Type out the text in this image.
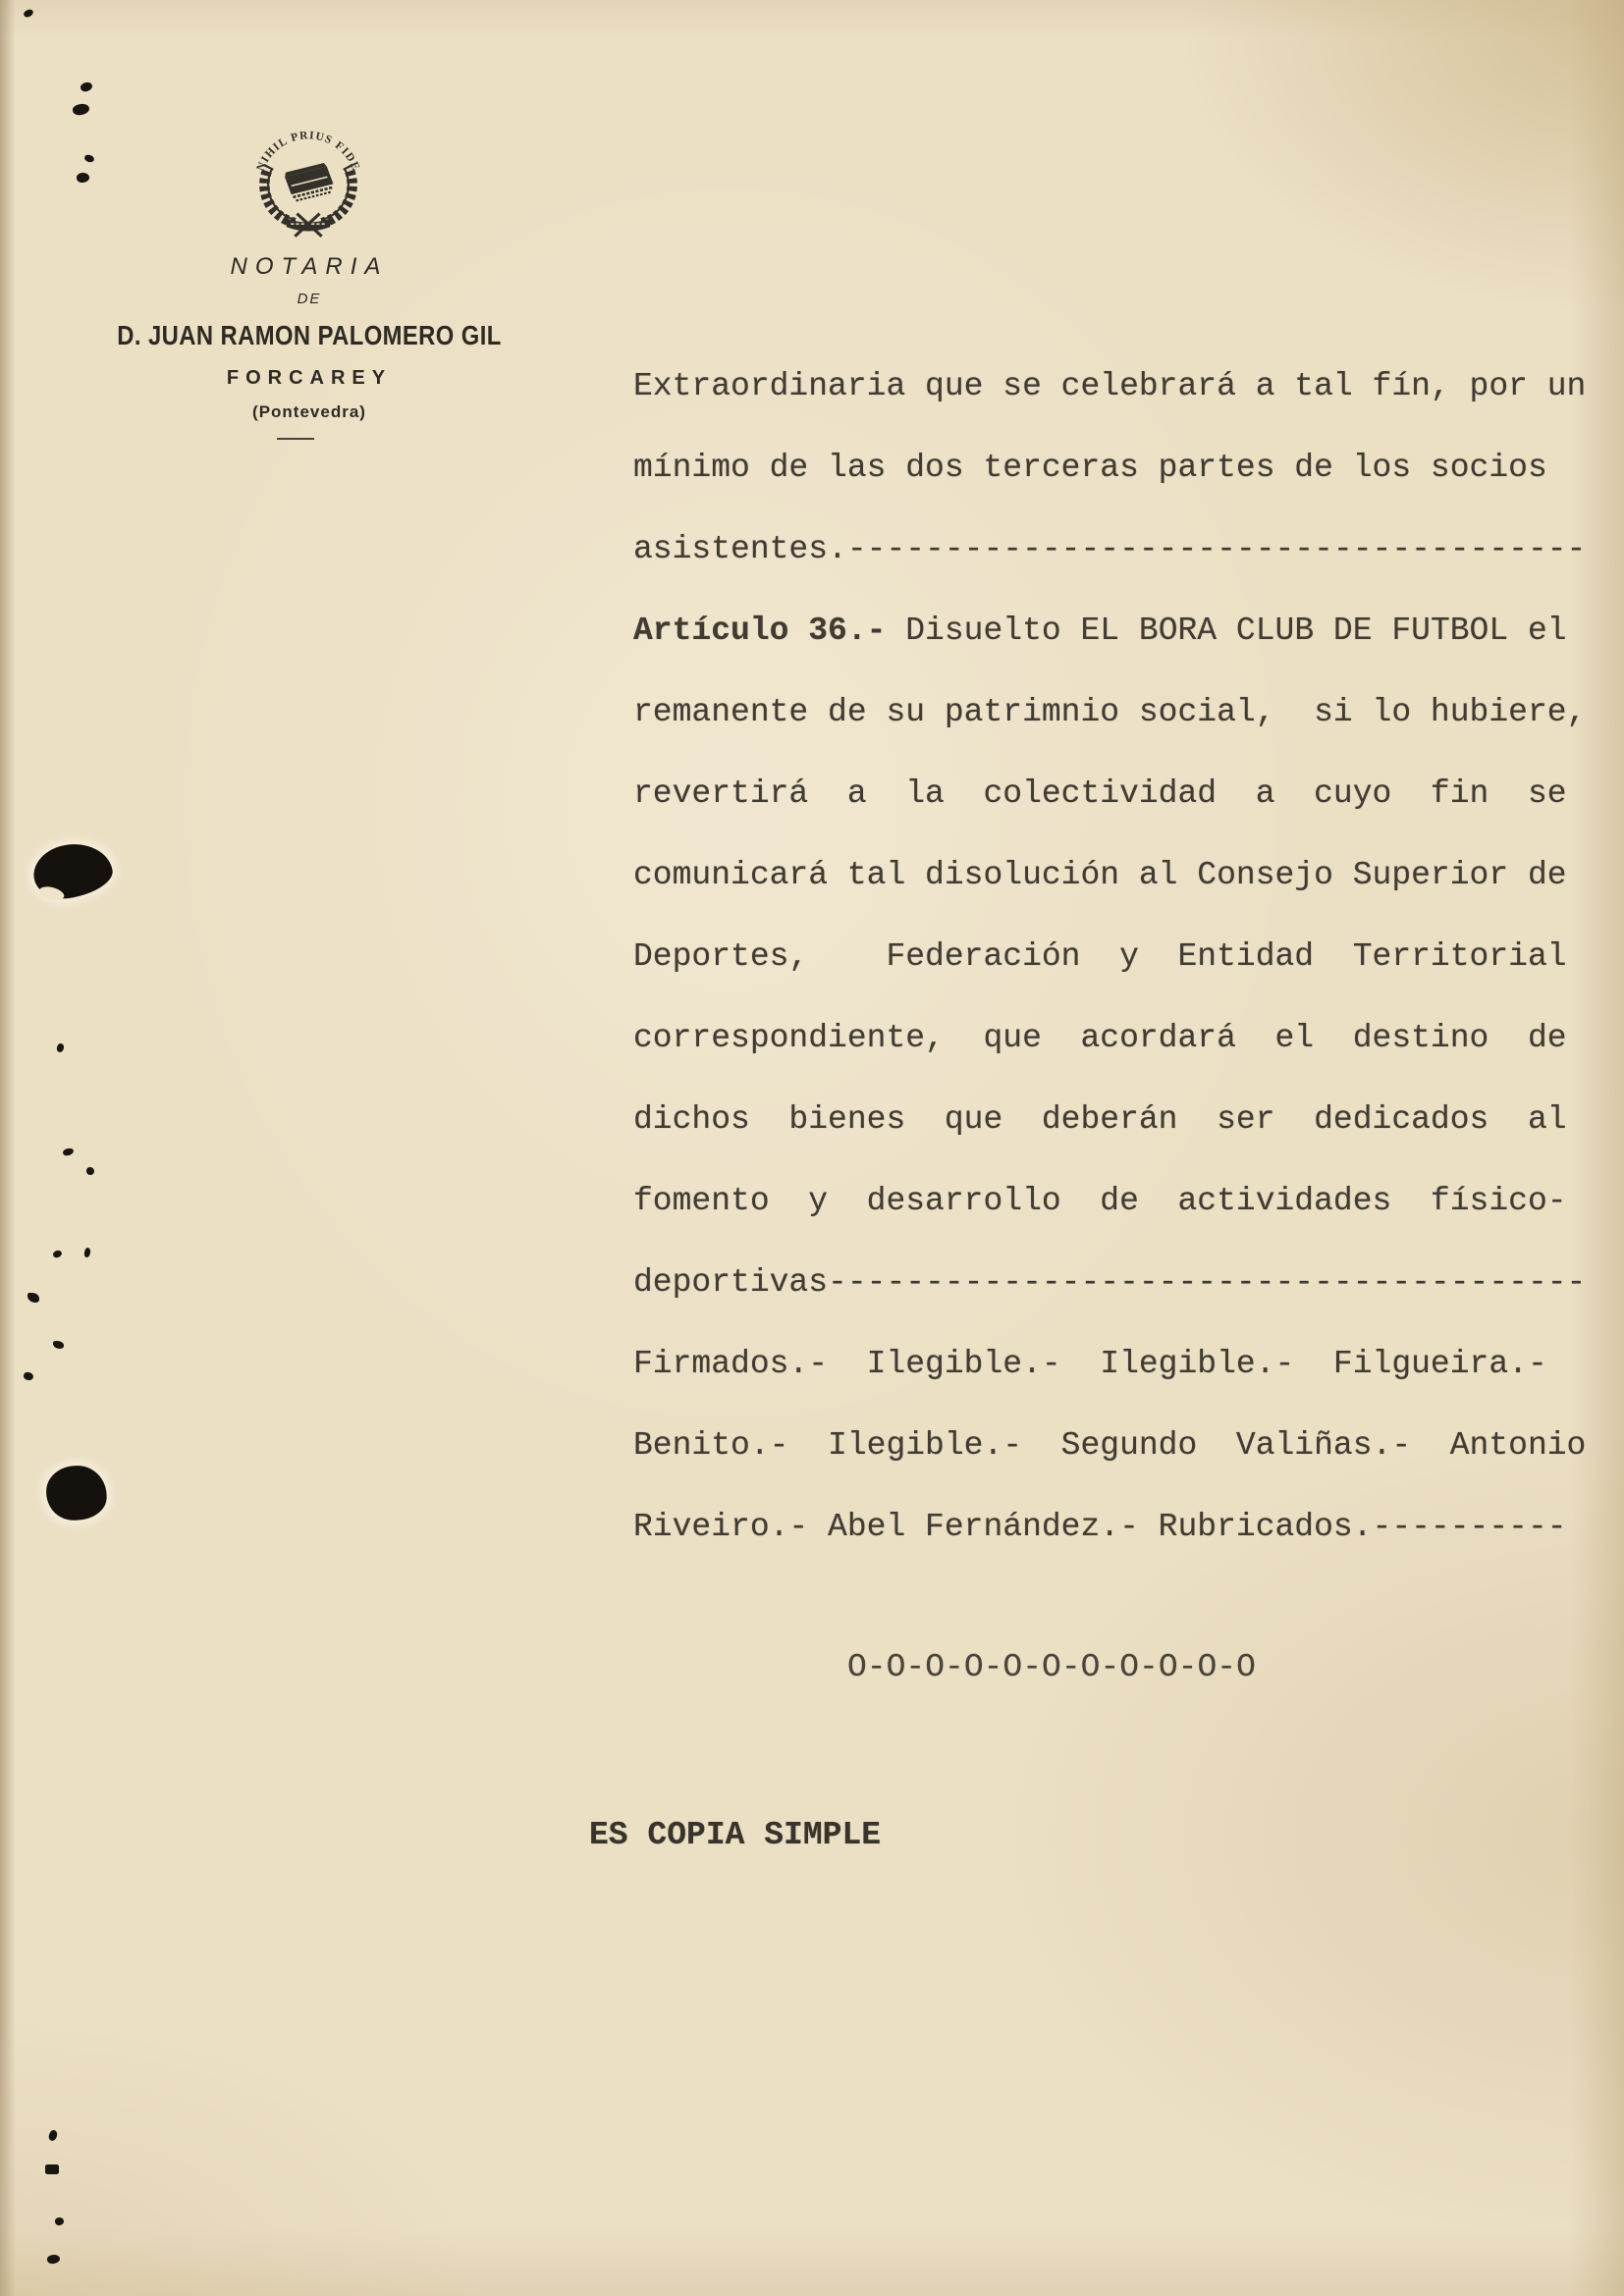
NIHIL PRIUS FIDE
NOTARIA
DE
D. JUAN RAMON PALOMERO GIL
FORCAREY
(Pontevedra)
Extraordinaria que se celebrará a tal fín, por un
mínimo de las dos terceras partes de los socios
asistentes.--------------------------------------
Artículo 36.- Disuelto EL BORA CLUB DE FUTBOL el
remanente de su patrimnio social,  si lo hubiere,
revertirá  a  la  colectividad  a  cuyo  fin  se
comunicará tal disolución al Consejo Superior de
Deportes,    Federación  y  Entidad  Territorial
correspondiente,  que  acordará  el  destino  de
dichos  bienes  que  deberán  ser  dedicados  al
fomento  y  desarrollo  de  actividades  físico-
deportivas---------------------------------------
Firmados.-  Ilegible.-  Ilegible.-  Filgueira.-
Benito.-  Ilegible.-  Segundo  Valiñas.-  Antonio
Riveiro.- Abel Fernández.- Rubricados.----------
O-O-O-O-O-O-O-O-O-O-O
ES COPIA SIMPLE
